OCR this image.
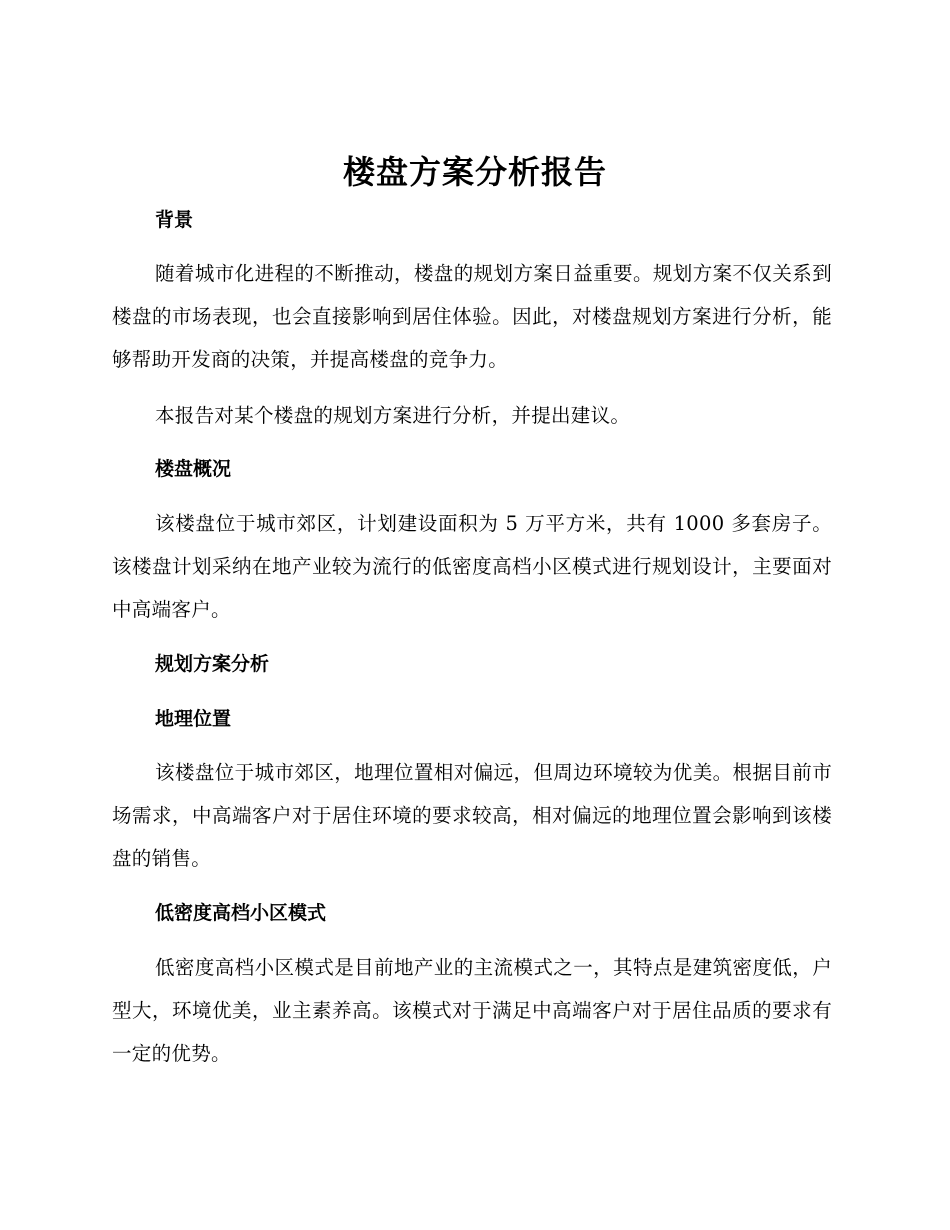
楼盘方案分析报告
背景
随着城市化进程的不断推动，楼盘的规划方案日益重要。规划方案不仅关系到楼盘的市场表现，也会直接影响到居住体验。因此，对楼盘规划方案进行分析，能够帮助开发商的决策，并提高楼盘的竞争力。
本报告对某个楼盘的规划方案进行分析，并提出建议。
楼盘概况
该楼盘位于城市郊区，计划建设面积为 5 万平方米，共有 1000 多套房子。该楼盘计划采纳在地产业较为流行的低密度高档小区模式进行规划设计，主要面对中高端客户。
规划方案分析
地理位置
该楼盘位于城市郊区，地理位置相对偏远，但周边环境较为优美。根据目前市场需求，中高端客户对于居住环境的要求较高，相对偏远的地理位置会影响到该楼盘的销售。
低密度高档小区模式
低密度高档小区模式是目前地产业的主流模式之一，其特点是建筑密度低，户型大，环境优美，业主素养高。该模式对于满足中高端客户对于居住品质的要求有一定的优势。
